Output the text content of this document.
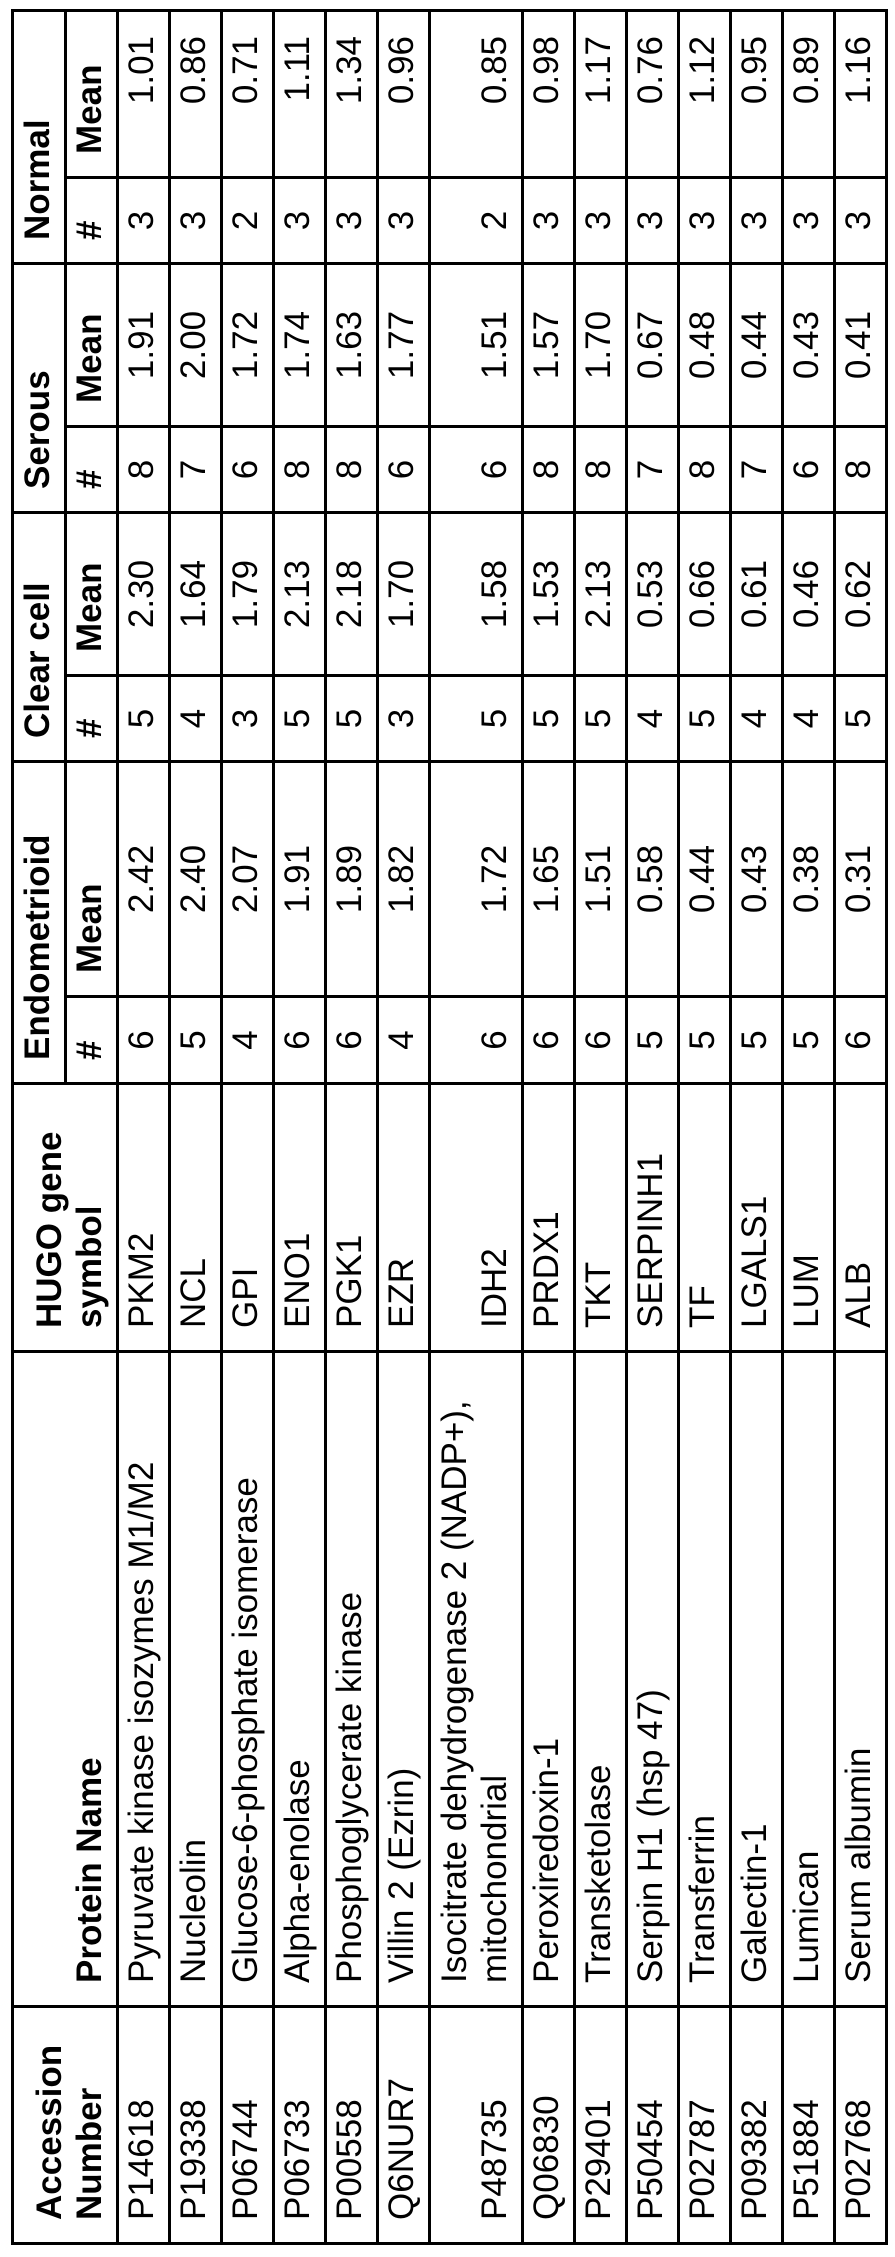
Accession Number	Protein Name	HUGO gene symbol	Endometrioid		Clear cell		Serous		Normal	
			#	Mean	#	Mean	#	Mean	#	Mean
P14618	Pyruvate kinase isozymes M1/M2	PKM2	6	2.42	5	2.30	8	1.91	3	1.01
P19338	Nucleolin	NCL	5	2.40	4	1.64	7	2.00	3	0.86
P06744	Glucose-6-phosphate isomerase	GPI	4	2.07	3	1.79	6	1.72	2	0.71
P06733	Alpha-enolase	ENO1	6	1.91	5	2.13	8	1.74	3	1.11
P00558	Phosphoglycerate kinase	PGK1	6	1.89	5	2.18	8	1.63	3	1.34
Q6NUR7	Villin 2 (Ezrin)	EZR	4	1.82	3	1.70	6	1.77	3	0.96
P48735	Isocitrate dehydrogenase 2 (NADP+), mitochondrial	IDH2	6	1.72	5	1.58	6	1.51	2	0.85
Q06830	Peroxiredoxin-1	PRDX1	6	1.65	5	1.53	8	1.57	3	0.98
P29401	Transketolase	TKT	6	1.51	5	2.13	8	1.70	3	1.17
P50454	Serpin H1 (hsp 47)	SERPINH1	5	0.58	4	0.53	7	0.67	3	0.76
P02787	Transferrin	TF	5	0.44	5	0.66	8	0.48	3	1.12
P09382	Galectin-1	LGALS1	5	0.43	4	0.61	7	0.44	3	0.95
P51884	Lumican	LUM	5	0.38	4	0.46	6	0.43	3	0.89
P02768	Serum albumin	ALB	6	0.31	5	0.62	8	0.41	3	1.16
